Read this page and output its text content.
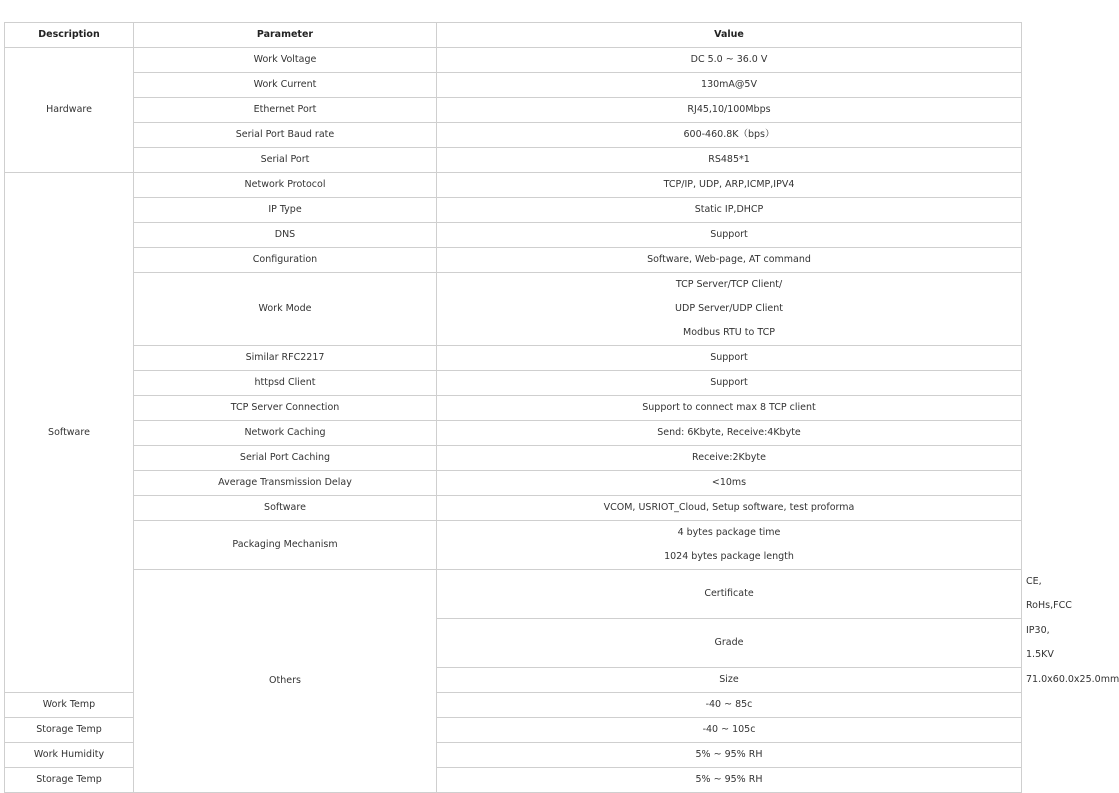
Description	Parameter	Value	
Hardware	Work Voltage	DC 5.0 ~ 36.0 V	
	Work Current	130mA@5V	
	Ethernet Port	RJ45,10/100Mbps	
	Serial Port Baud rate	600-460.8K（bps）	
	Serial Port	RS485*1	
Software	Network Protocol	TCP/IP, UDP, ARP,ICMP,IPV4	
	IP Type	Static IP,DHCP	
	DNS	Support	
	Configuration	Software, Web-page, AT command	
	Work Mode	TCP Server/TCP Client/
UDP Server/UDP Client
Modbus RTU to TCP	

	Similar RFC2217	Support	
	httpsd Client	Support	
	TCP Server Connection	Support to connect max 8 TCP client	
	Network Caching	Send: 6Kbyte, Receive:4Kbyte	
	Serial Port Caching	Receive:2Kbyte	
	Average Transmission Delay	<10ms	
	Software	VCOM, USRIOT_Cloud, Setup software, test proforma	
	Packaging Mechanism	4 bytes package time
1024 bytes package length	

	Others	Certificate	CE, RoHs,FCC
		Grade	IP30, 1.5KV
		Size	71.0x60.0x25.0mm
Work Temp		-40 ~ 85c	
Storage Temp		-40 ~ 105c	
Work Humidity		5% ~ 95% RH	
Storage Temp		5% ~ 95% RH	
